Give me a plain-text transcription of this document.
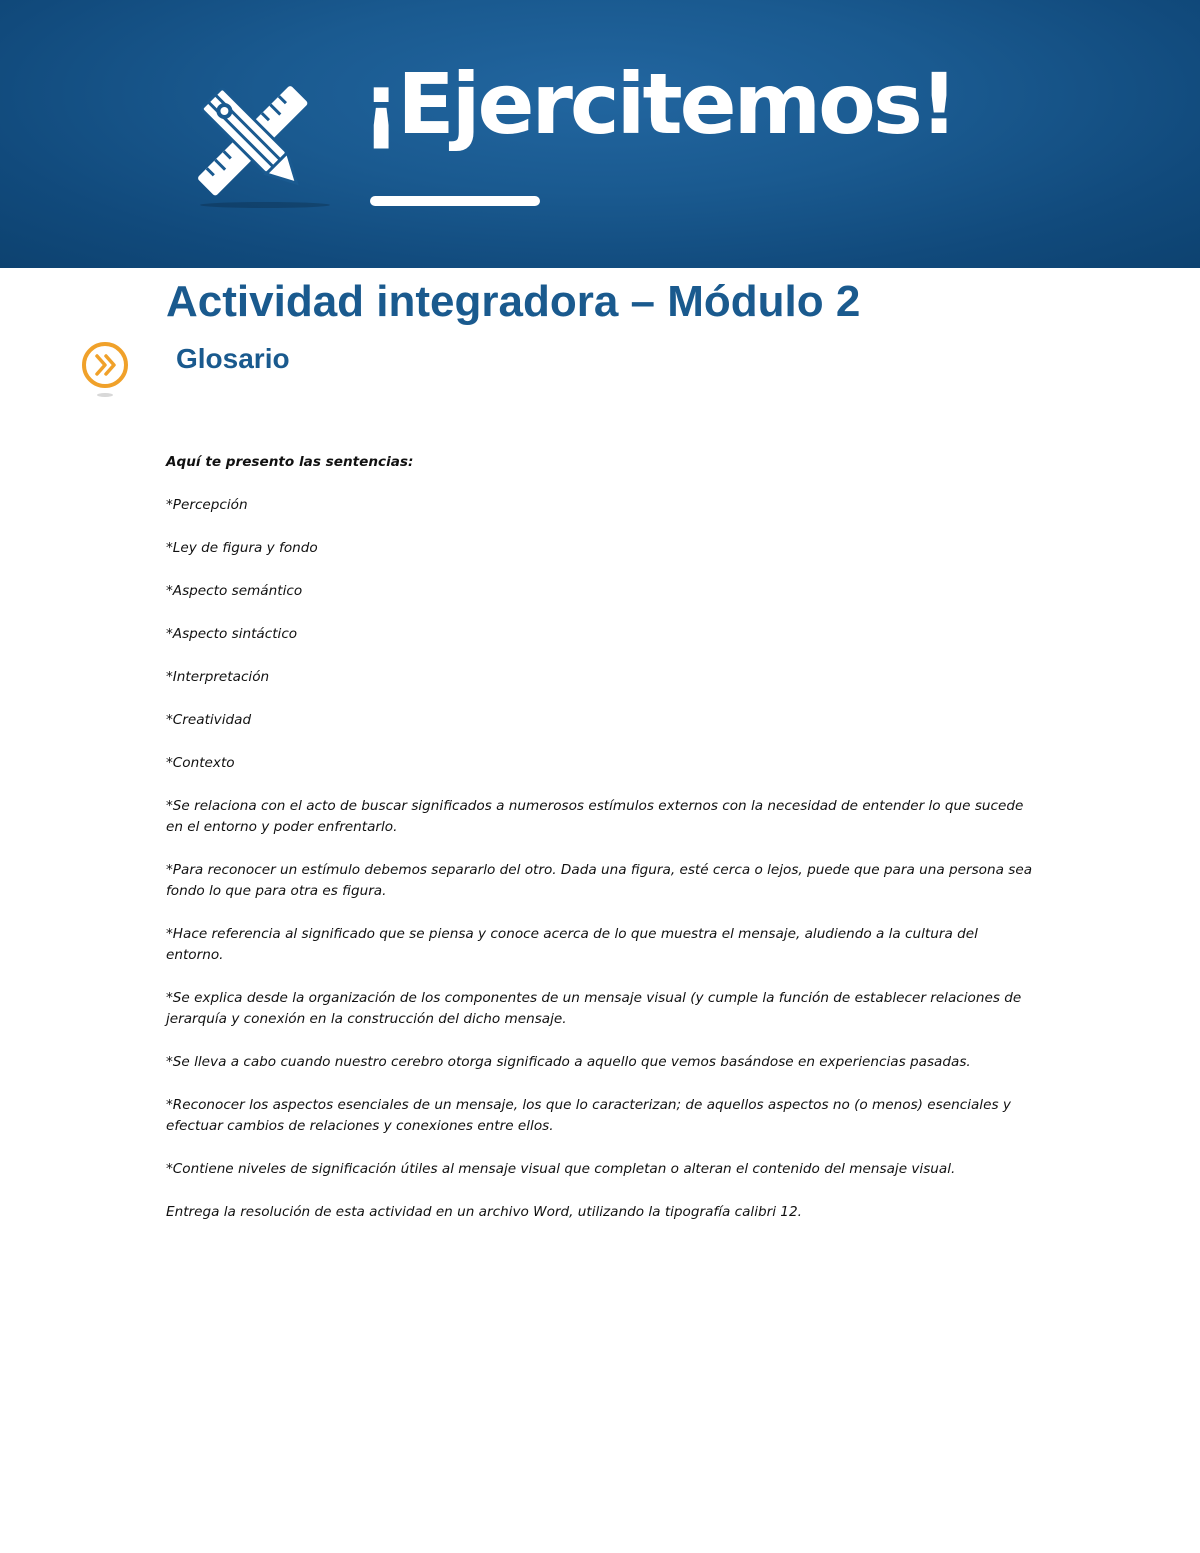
¡Ejercitemos!
Actividad integradora – Módulo 2
Glosario

Aquí te presento las sentencias:

*Percepción

*Ley de figura y fondo

*Aspecto semántico

*Aspecto sintáctico

*Interpretación

*Creatividad

*Contexto

*Se relaciona con el acto de buscar significados a numerosos estímulos externos con la necesidad de entender lo que sucede en el entorno y poder enfrentarlo.

*Para reconocer un estímulo debemos separarlo del otro. Dada una figura, esté cerca o lejos, puede que para una persona sea fondo lo que para otra es figura.

*Hace referencia al significado que se piensa y conoce acerca de lo que muestra el mensaje, aludiendo a la cultura del entorno.

*Se explica desde la organización de los componentes de un mensaje visual (y cumple la función de establecer relaciones de jerarquía y conexión en la construcción del dicho mensaje.

*Se lleva a cabo cuando nuestro cerebro otorga significado a aquello que vemos basándose en experiencias pasadas.

*Reconocer los aspectos esenciales de un mensaje, los que lo caracterizan; de aquellos aspectos no (o menos) esenciales y efectuar cambios de relaciones y conexiones entre ellos.

*Contiene niveles de significación útiles al mensaje visual que completan o alteran el contenido del mensaje visual.

Entrega la resolución de esta actividad en un archivo Word, utilizando la tipografía calibri 12.
